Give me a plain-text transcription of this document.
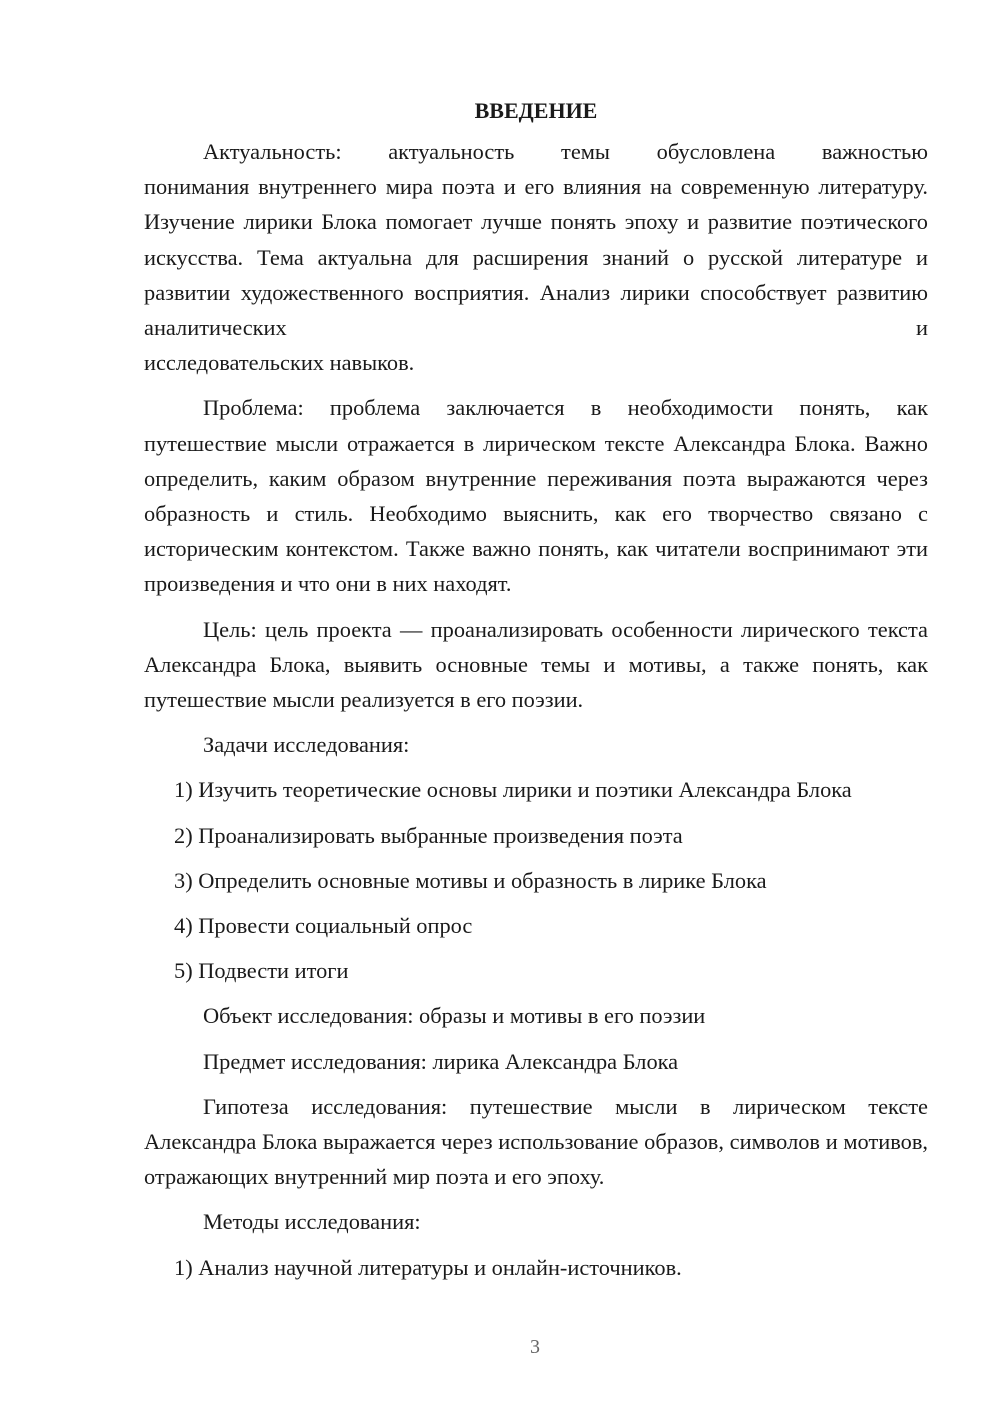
ВВЕДЕНИЕ

Актуальность: актуальность темы обусловлена важностью

понимания внутреннего мира поэта и его влияния на современную литературу. Изучение лирики Блока помогает лучше понять эпоху и развитие поэтического искусства. Тема актуальна для расширения знаний о русской литературе и развитии художественного восприятия. Анализ лирики способствует развитию аналитических и

исследовательских навыков.

Проблема: проблема заключается в необходимости понять, как путешествие мысли отражается в лирическом тексте Александра Блока. Важно определить, каким образом внутренние переживания поэта выражаются через образность и стиль. Необходимо выяснить, как его творчество связано с историческим контекстом. Также важно понять, как читатели воспринимают эти произведения и что они в них находят.

Цель: цель проекта — проанализировать особенности лирического текста Александра Блока, выявить основные темы и мотивы, а также понять, как путешествие мысли реализуется в его поэзии.

Задачи исследования:

1) Изучить теоретические основы лирики и поэтики Александра Блока

2) Проанализировать выбранные произведения поэта

3) Определить основные мотивы и образность в лирике Блока

4) Провести социальный опрос

5) Подвести итоги

Объект исследования: образы и мотивы в его поэзии

Предмет исследования: лирика Александра Блока

Гипотеза исследования: путешествие мысли в лирическом тексте Александра Блока выражается через использование образов, символов и мотивов, отражающих внутренний мир поэта и его эпоху.

Методы исследования:

1) Анализ научной литературы и онлайн-источников.

3
